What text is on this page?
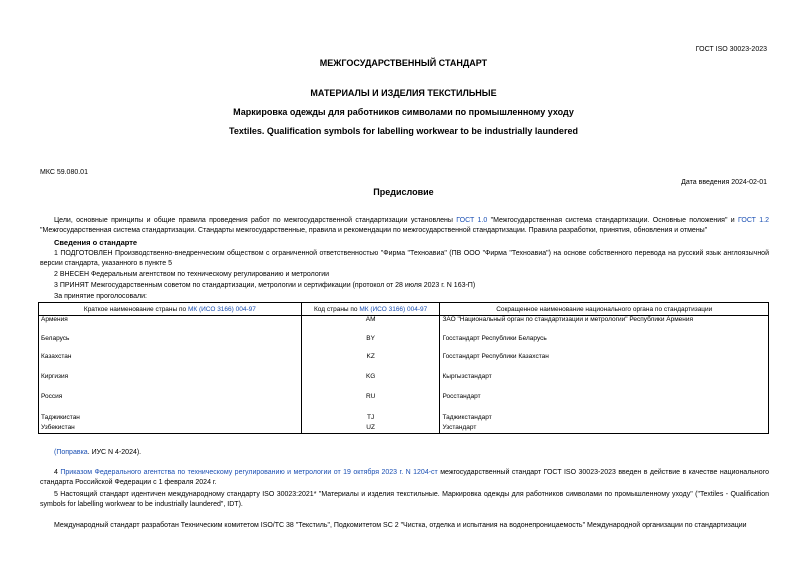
ГОСТ ISO 30023-2023
МЕЖГОСУДАРСТВЕННЫЙ СТАНДАРТ
МАТЕРИАЛЫ И ИЗДЕЛИЯ ТЕКСТИЛЬНЫЕ
Маркировка одежды для работников символами по промышленному уходу
Textiles. Qualification symbols for labelling workwear to be industrially laundered
МКС 59.080.01
Дата введения 2024-02-01
Предисловие
Цели, основные принципы и общие правила проведения работ по межгосударственной стандартизации установлены ГОСТ 1.0 "Межгосударственная система стандартизации. Основные положения" и ГОСТ 1.2 "Межгосударственная система стандартизации. Стандарты межгосударственные, правила и рекомендации по межгосударственной стандартизации. Правила разработки, принятия, обновления и отмены"
Сведения о стандарте
1 ПОДГОТОВЛЕН Производственно-внедренческим обществом с ограниченной ответственностью "Фирма "Техноавиа" (ПВ ООО "Фирма "Техноавиа") на основе собственного перевода на русский язык англоязычной версии стандарта, указанного в пункте 5
2 ВНЕСЕН Федеральным агентством по техническому регулированию и метрологии
3 ПРИНЯТ Межгосударственным советом по стандартизации, метрологии и сертификации (протокол от 28 июля 2023 г. N 163-П)
За принятие проголосовали:
Краткое наименование страны по МК (ИСО 3166) 004-97	Код страны по МК (ИСО 3166) 004-97	Сокращенное наименование национального органа по стандартизации
Армения	AM	ЗАО "Национальный орган по стандартизации и метрологии" Республики Армения
Беларусь	BY	Госстандарт Республики Беларусь
Казахстан	KZ	Госстандарт Республики Казахстан
Киргизия	KG	Кыргызстандарт
Россия	RU	Росстандарт
Таджикистан	TJ	Таджикстандарт
Узбекистан	UZ	Узстандарт
(Поправка. ИУС N 4-2024).
4 Приказом Федерального агентства по техническому регулированию и метрологии от 19 октября 2023 г. N 1204-ст межгосударственный стандарт ГОСТ ISO 30023-2023 введен в действие в качестве национального стандарта Российской Федерации с 1 февраля 2024 г.
5 Настоящий стандарт идентичен международному стандарту ISO 30023:2021* "Материалы и изделия текстильные. Маркировка одежды для работников символами по промышленному уходу" ("Textiles - Qualification symbols for labelling workwear to be industrially laundered", IDT).
Международный стандарт разработан Техническим комитетом ISO/TC 38 "Текстиль", Подкомитетом SC 2 "Чистка, отделка и испытания на водонепроницаемость" Международной организации по стандартизации
